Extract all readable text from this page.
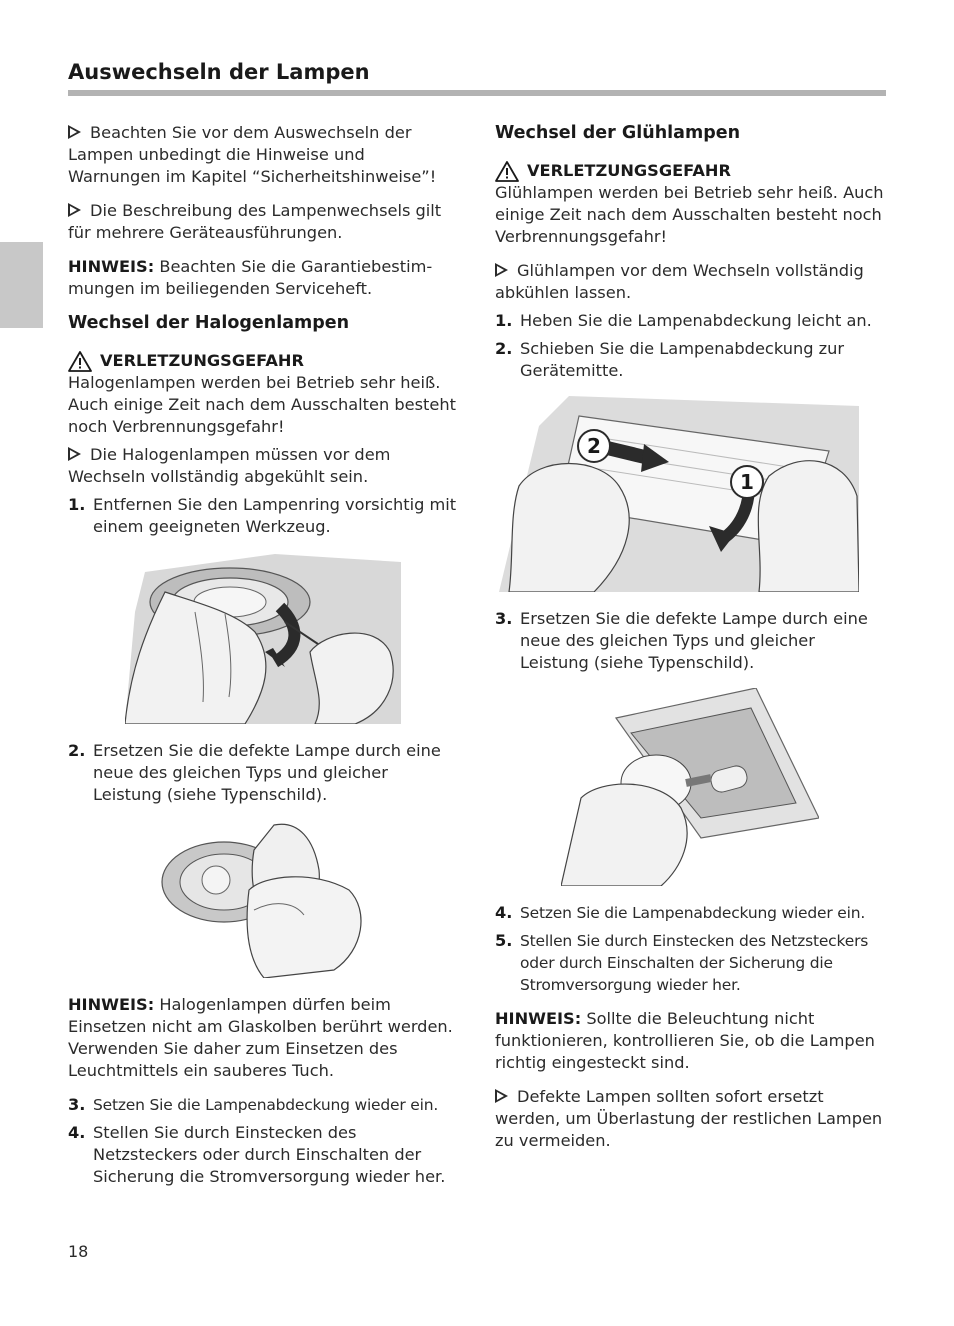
Auswechseln der Lampen

Beachten Sie vor dem Auswechseln der Lampen unbedingt die Hinweise und Warnungen im Kapitel “Sicherheitshinweise”!

Die Beschreibung des Lampenwechsels gilt für mehrere Geräteausführungen.

HINWEIS: Beachten Sie die Garantiebestimmungen im beiliegenden Serviceheft.

Wechsel der Halogenlampen
VERLETZUNGSGEFAHR

Halogenlampen werden bei Betrieb sehr heiß. Auch einige Zeit nach dem Ausschalten besteht noch Verbrennungsgefahr!

Die Halogenlampen müssen vor dem Wechseln vollständig abgekühlt sein.

1. Entfernen Sie den Lampenring vorsichtig mit einem geeigneten Werkzeug.
2. Ersetzen Sie die defekte Lampe durch eine neue des gleichen Typs und gleicher Leistung (siehe Typenschild).

HINWEIS: Halogenlampen dürfen beim Einsetzen nicht am Glaskolben berührt werden. Verwenden Sie daher zum Einsetzen des Leuchtmittels ein sauberes Tuch.

3. Setzen Sie die Lampenabdeckung wieder ein.
4. Stellen Sie durch Einstecken des Netzsteckers oder durch Einschalten der Sicherung die Stromversorgung wieder her.
Wechsel der Glühlampen
VERLETZUNGSGEFAHR

Glühlampen werden bei Betrieb sehr heiß. Auch einige Zeit nach dem Ausschalten besteht noch Verbrennungsgefahr!

Glühlampen vor dem Wechseln vollständig abkühlen lassen.

1. Heben Sie die Lampenabdeckung leicht an.
2. Schieben Sie die Lampenabdeckung zur Gerätemitte.
2
1
3. Ersetzen Sie die defekte Lampe durch eine neue des gleichen Typs und gleicher Leistung (siehe Typenschild).
4. Setzen Sie die Lampenabdeckung wieder ein.
5. Stellen Sie durch Einstecken des Netzsteckers oder durch Einschalten der Sicherung die Stromversorgung wieder her.

HINWEIS: Sollte die Beleuchtung nicht funktionieren, kontrollieren Sie, ob die Lampen richtig eingesteckt sind.

Defekte Lampen sollten sofort ersetzt werden, um Überlastung der restlichen Lampen zu vermeiden.

18
